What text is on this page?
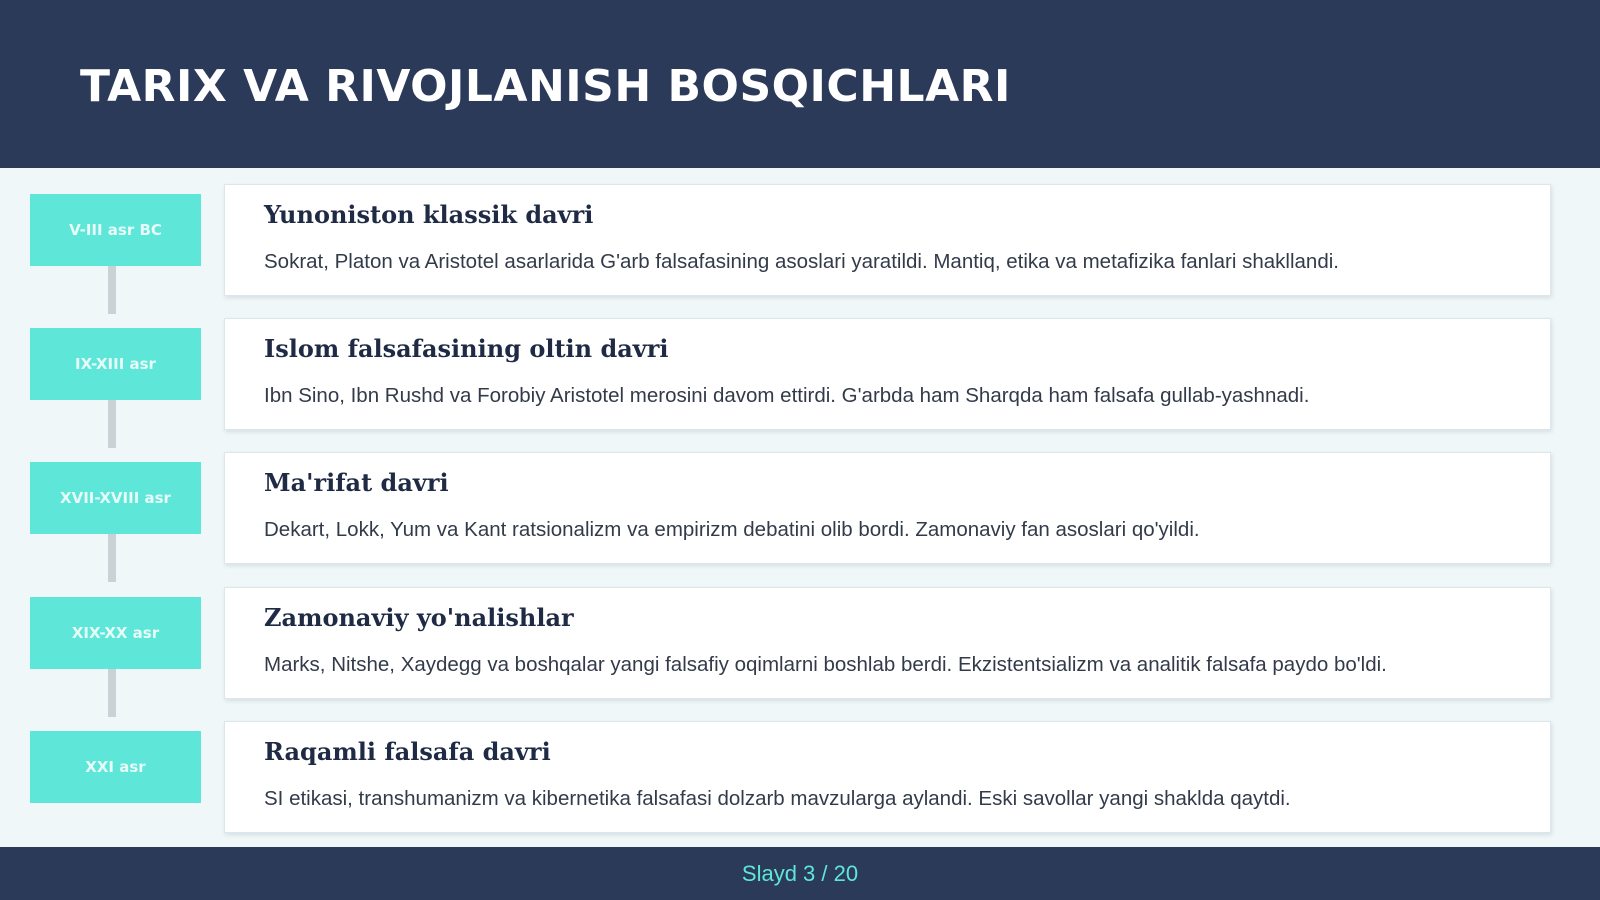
TARIX VA RIVOJLANISH BOSQICHLARI
V-III asr BC
Yunoniston klassik davri

Sokrat, Platon va Aristotel asarlarida G'arb falsafasining asoslari yaratildi. Mantiq, etika va metafizika fanlari shakllandi.

IX-XIII asr
Islom falsafasining oltin davri

Ibn Sino, Ibn Rushd va Forobiy Aristotel merosini davom ettirdi. G'arbda ham Sharqda ham falsafa gullab-yashnadi.

XVII-XVIII asr
Ma'rifat davri

Dekart, Lokk, Yum va Kant ratsionalizm va empirizm debatini olib bordi. Zamonaviy fan asoslari qo'yildi.

XIX-XX asr
Zamonaviy yo'nalishlar

Marks, Nitshe, Xaydegg va boshqalar yangi falsafiy oqimlarni boshlab berdi. Ekzistentsializm va analitik falsafa paydo bo'ldi.

XXI asr
Raqamli falsafa davri

SI etikasi, transhumanizm va kibernetika falsafasi dolzarb mavzularga aylandi. Eski savollar yangi shaklda qaytdi.

Slayd 3 / 20
